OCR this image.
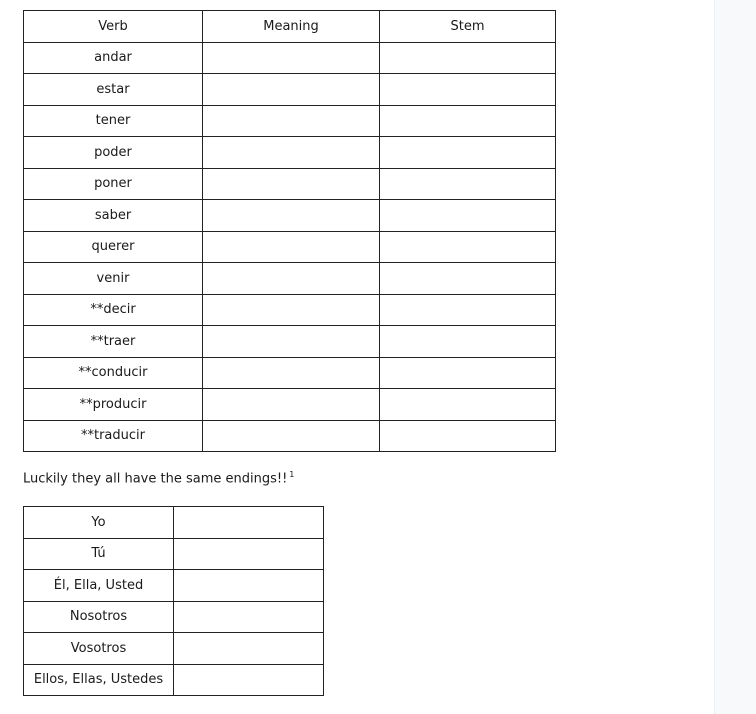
Verb	Meaning	Stem
andar		
estar		
tener		
poder		
poner		
saber		
querer		
venir		
**decir		
**traer		
**conducir		
**producir		
**traducir		
Luckily they all have the same endings!! $^1$
Yo	
Tú	
Él, Ella, Usted	
Nosotros	
Vosotros	
Ellos, Ellas, Ustedes	
